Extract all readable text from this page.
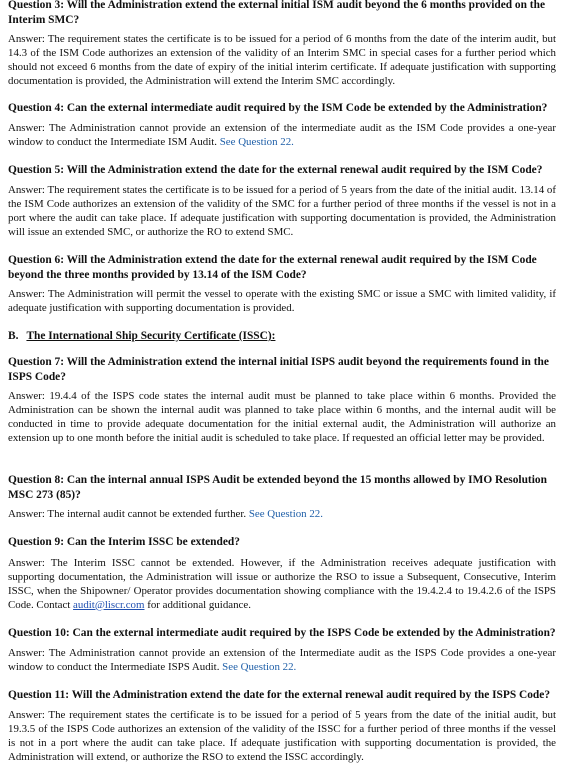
Question 3: Will the Administration extend the external initial ISM audit beyond the 6 months provided on the Interim SMC?

Answer: The requirement states the certificate is to be issued for a period of 6 months from the date of the interim audit, but 14.3 of the ISM Code authorizes an extension of the validity of an Interim SMC in special cases for a further period which should not exceed 6 months from the date of expiry of the initial interim certificate. If adequate justification with supporting documentation is provided, the Administration will extend the Interim SMC accordingly.

Question 4: Can the external intermediate audit required by the ISM Code be extended by the Administration?

Answer: The Administration cannot provide an extension of the intermediate audit as the ISM Code provides a one-year window to conduct the Intermediate ISM Audit. See Question 22.

Question 5: Will the Administration extend the date for the external renewal audit required by the ISM Code?

Answer: The requirement states the certificate is to be issued for a period of 5 years from the date of the initial audit. 13.14 of the ISM Code authorizes an extension of the validity of the SMC for a further period of three months if the vessel is not in a port where the audit can take place. If adequate justification with supporting documentation is provided, the Administration will issue an extended SMC, or authorize the RO to extend SMC.

Question 6: Will the Administration extend the date for the external renewal audit required by the ISM Code beyond the three months provided by 13.14 of the ISM Code?

Answer: The Administration will permit the vessel to operate with the existing SMC or issue a SMC with limited validity, if adequate justification with supporting documentation is provided.

B. The International Ship Security Certificate (ISSC):

Question 7: Will the Administration extend the internal initial ISPS audit beyond the requirements found in the ISPS Code?

Answer: 19.4.4 of the ISPS code states the internal audit must be planned to take place within 6 months. Provided the Administration can be shown the internal audit was planned to take place within 6 months, and the internal audit will be conducted in time to provide adequate documentation for the initial external audit, the Administration will authorize an extension up to one month before the initial audit is scheduled to take place. If requested an official letter may be provided.

Question 8: Can the internal annual ISPS Audit be extended beyond the 15 months allowed by IMO Resolution MSC 273 (85)?

Answer: The internal audit cannot be extended further. See Question 22.

Question 9: Can the Interim ISSC be extended?

Answer: The Interim ISSC cannot be extended. However, if the Administration receives adequate justification with supporting documentation, the Administration will issue or authorize the RSO to issue a Subsequent, Consecutive, Interim ISSC, when the Shipowner/ Operator provides documentation showing compliance with the 19.4.2.4 to 19.4.2.6 of the ISPS Code. Contact audit@liscr.com for additional guidance.

Question 10: Can the external intermediate audit required by the ISPS Code be extended by the Administration?

Answer: The Administration cannot provide an extension of the Intermediate audit as the ISPS Code provides a one-year window to conduct the Intermediate ISPS Audit. See Question 22.

Question 11: Will the Administration extend the date for the external renewal audit required by the ISPS Code?

Answer: The requirement states the certificate is to be issued for a period of 5 years from the date of the initial audit, but 19.3.5 of the ISPS Code authorizes an extension of the validity of the ISSC for a further period of three months if the vessel is not in a port where the audit can take place. If adequate justification with supporting documentation is provided, the Administration will extend, or authorize the RSO to extend the ISSC accordingly.
